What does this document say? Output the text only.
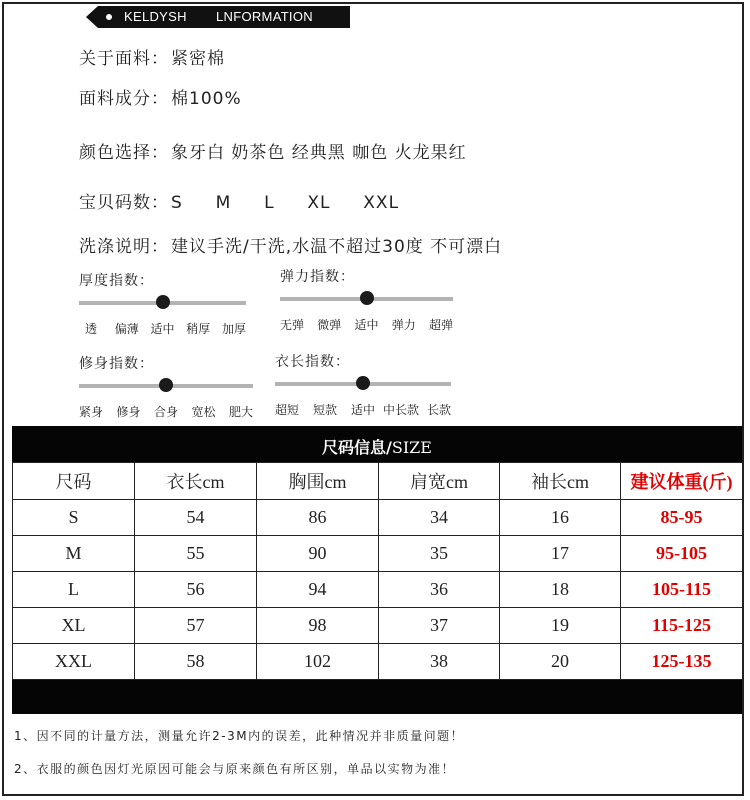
KELDYSH LNFORMATION
关于面料： 紧密棉
面料成分： 棉100%
颜色选择： 象牙白 奶茶色 经典黑 咖色 火龙果红
宝贝码数： S  M  L  XL  XXL
洗涤说明： 建议手洗/干洗,水温不超过30度 不可漂白
厚度指数：
透 偏薄 适中 稍厚 加厚
弹力指数：
无弹 微弹 适中 弹力 超弹
修身指数：
紧身 修身 合身 宽松 肥大
衣长指数：
超短 短款 适中 中长款 长款
尺码信息/SIZE
尺码	衣长cm	胸围cm	肩宽cm	袖长cm	建议体重(斤)
S	54	86	34	16	85-95
M	55	90	35	17	95-105
L	56	94	36	18	105-115
XL	57	98	37	19	115-125
XXL	58	102	38	20	125-135
1、因不同的计量方法，测量允许2-3M内的误差，此种情况并非质量问题！
2、衣服的颜色因灯光原因可能会与原来颜色有所区别，单品以实物为准！
